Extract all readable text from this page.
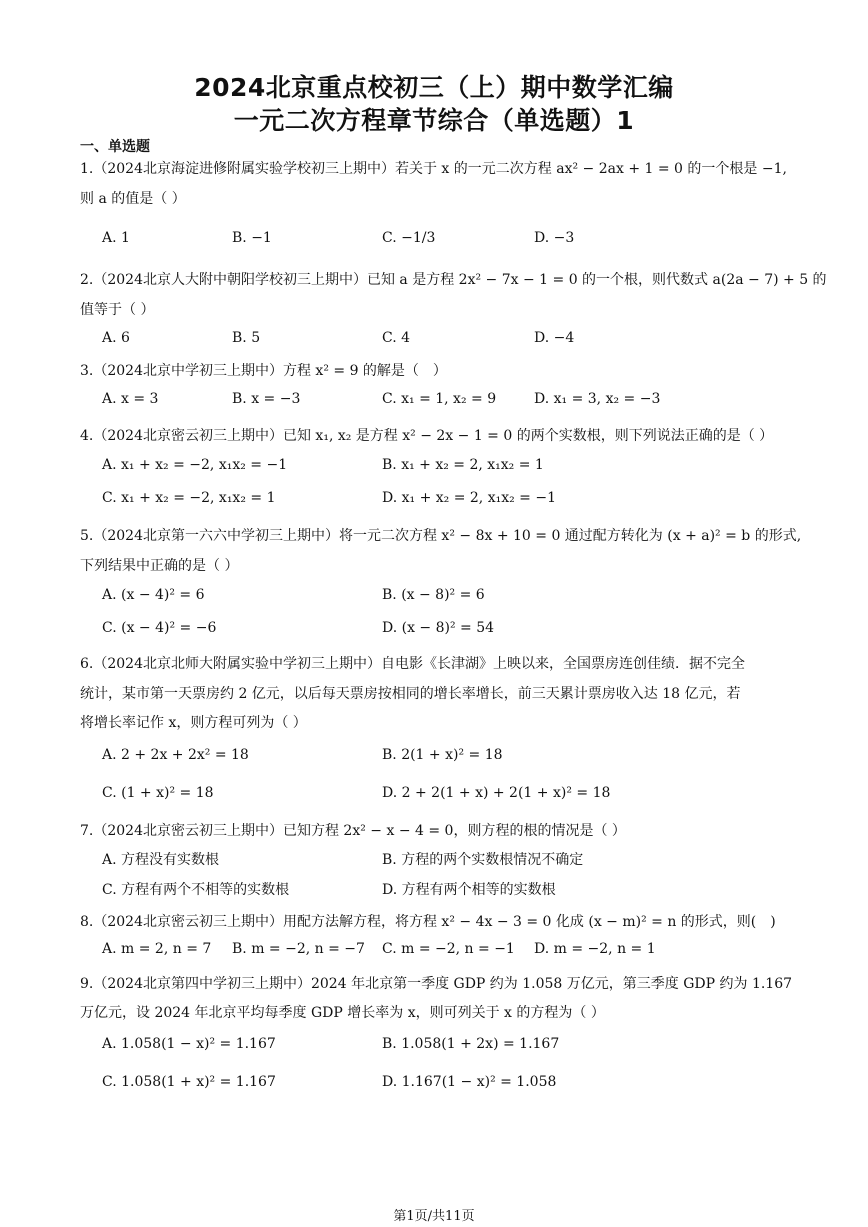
2024北京重点校初三（上）期中数学汇编
一元二次方程章节综合（单选题）1
一、单选题
1.（2024北京海淀进修附属实验学校初三上期中）若关于 x 的一元二次方程 ax² − 2ax + 1 = 0 的一个根是 −1,
则 a 的值是（ ）
A. 1	B. −1	C. −1/3	D. −3
2.（2024北京人大附中朝阳学校初三上期中）已知 a 是方程 2x² − 7x − 1 = 0 的一个根，则代数式 a(2a − 7) + 5 的
值等于（ ）
A. 6	B. 5	C. 4	D. −4
3.（2024北京中学初三上期中）方程 x² = 9 的解是（　）
A. x = 3	B. x = −3	C. x₁ = 1, x₂ = 9	D. x₁ = 3, x₂ = −3
4.（2024北京密云初三上期中）已知 x₁, x₂ 是方程 x² − 2x − 1 = 0 的两个实数根，则下列说法正确的是（ ）
A. x₁ + x₂ = −2, x₁x₂ = −1	B. x₁ + x₂ = 2, x₁x₂ = 1
C. x₁ + x₂ = −2, x₁x₂ = 1	D. x₁ + x₂ = 2, x₁x₂ = −1
5.（2024北京第一六六中学初三上期中）将一元二次方程 x² − 8x + 10 = 0 通过配方转化为 (x + a)² = b 的形式,
下列结果中正确的是（ ）
A. (x − 4)² = 6	B. (x − 8)² = 6
C. (x − 4)² = −6	D. (x − 8)² = 54
6.（2024北京北师大附属实验中学初三上期中）自电影《长津湖》上映以来，全国票房连创佳绩．据不完全
统计，某市第一天票房约 2 亿元，以后每天票房按相同的增长率增长，前三天累计票房收入达 18 亿元，若
将增长率记作 x，则方程可列为（ ）
A. 2 + 2x + 2x² = 18	B. 2(1 + x)² = 18
C. (1 + x)² = 18	D. 2 + 2(1 + x) + 2(1 + x)² = 18
7.（2024北京密云初三上期中）已知方程 2x² − x − 4 = 0，则方程的根的情况是（ ）
A. 方程没有实数根	B. 方程的两个实数根情况不确定
C. 方程有两个不相等的实数根	D. 方程有两个相等的实数根
8.（2024北京密云初三上期中）用配方法解方程，将方程 x² − 4x − 3 = 0 化成 (x − m)² = n 的形式，则(　)
A. m = 2, n = 7 B. m = −2, n = −7 C. m = −2, n = −1 D. m = −2, n = 1
9.（2024北京第四中学初三上期中）2024 年北京第一季度 GDP 约为 1.058 万亿元，第三季度 GDP 约为 1.167
万亿元，设 2024 年北京平均每季度 GDP 增长率为 x，则可列关于 x 的方程为（ ）
A. 1.058(1 − x)² = 1.167	B. 1.058(1 + 2x) = 1.167
C. 1.058(1 + x)² = 1.167	D. 1.167(1 − x)² = 1.058
第1页/共11页
